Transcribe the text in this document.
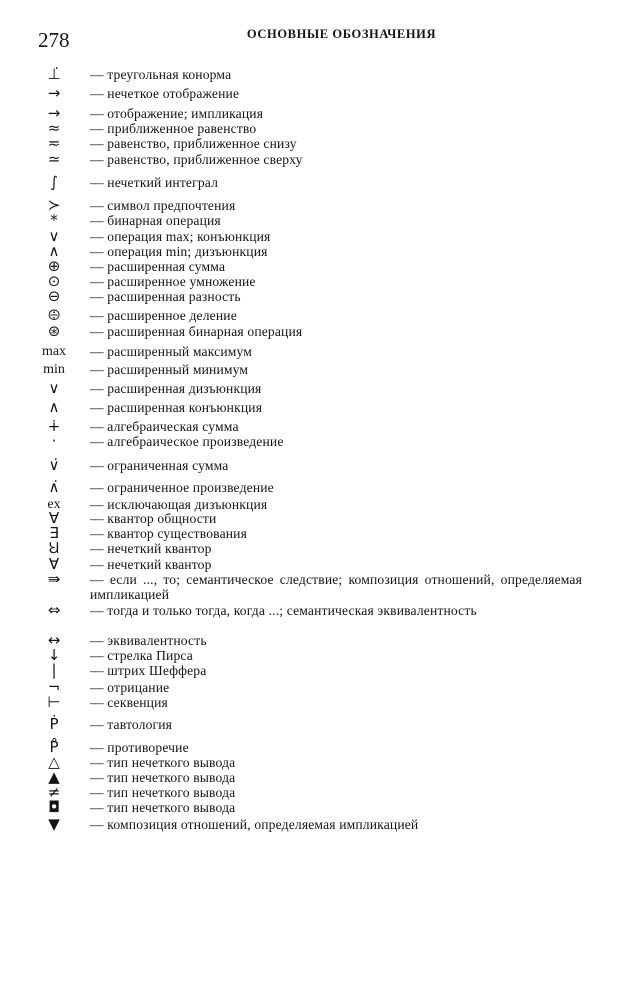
278	ОСНОВНЫЕ ОБОЗНАЧЕНИЯ
⊥̇	— треугольная конорма
→͏	— нечеткое отображение
→	— отображение; импликация
≈	— приближенное равенство
≂	— равенство, приближенное снизу
≃	— равенство, приближенное сверху
∫	— нечеткий интеграл
≻	— символ предпочтения
*	— бинарная операция
∨	— операция max; конъюнкция
∧	— операция min; дизъюнкция
⊕	— расширенная сумма
⊙	— расширенное умножение
⊖	— расширенная разность
⨸	— расширенное деление
⊛	— расширенная бинарная операция
max	— расширенный максимум
min	— расширенный минимум
∨	— расширенная дизъюнкция
∧	— расширенная конъюнкция
∔	— алгебраическая сумма
·	— алгебраическое произведение
∨̇	— ограниченная сумма
∧̇	— ограниченное произведение
ex	— исключающая дизъюнкция
∀	— квантор общности
∃	— квантор существования
Ꞟ	— нечеткий квантор
Ɐ	— нечеткий квантор
⇛	— если ..., то; семантическое следствие; композиция отношений, определяемая импликацией
⇔	— тогда и только тогда, когда ...; семантическая эквивалентность
↔	— эквивалентность
↓	— стрелка Пирса
|	— штрих Шеффера
¬	— отрицание
⊢	— секвенция
Ṗ	— тавтология
P̊	— противоречие
△	— тип нечеткого вывода
▲	— тип нечеткого вывода
≠	— тип нечеткого вывода
◘	— тип нечеткого вывода
▼	— композиция отношений, определяемая импликацией
